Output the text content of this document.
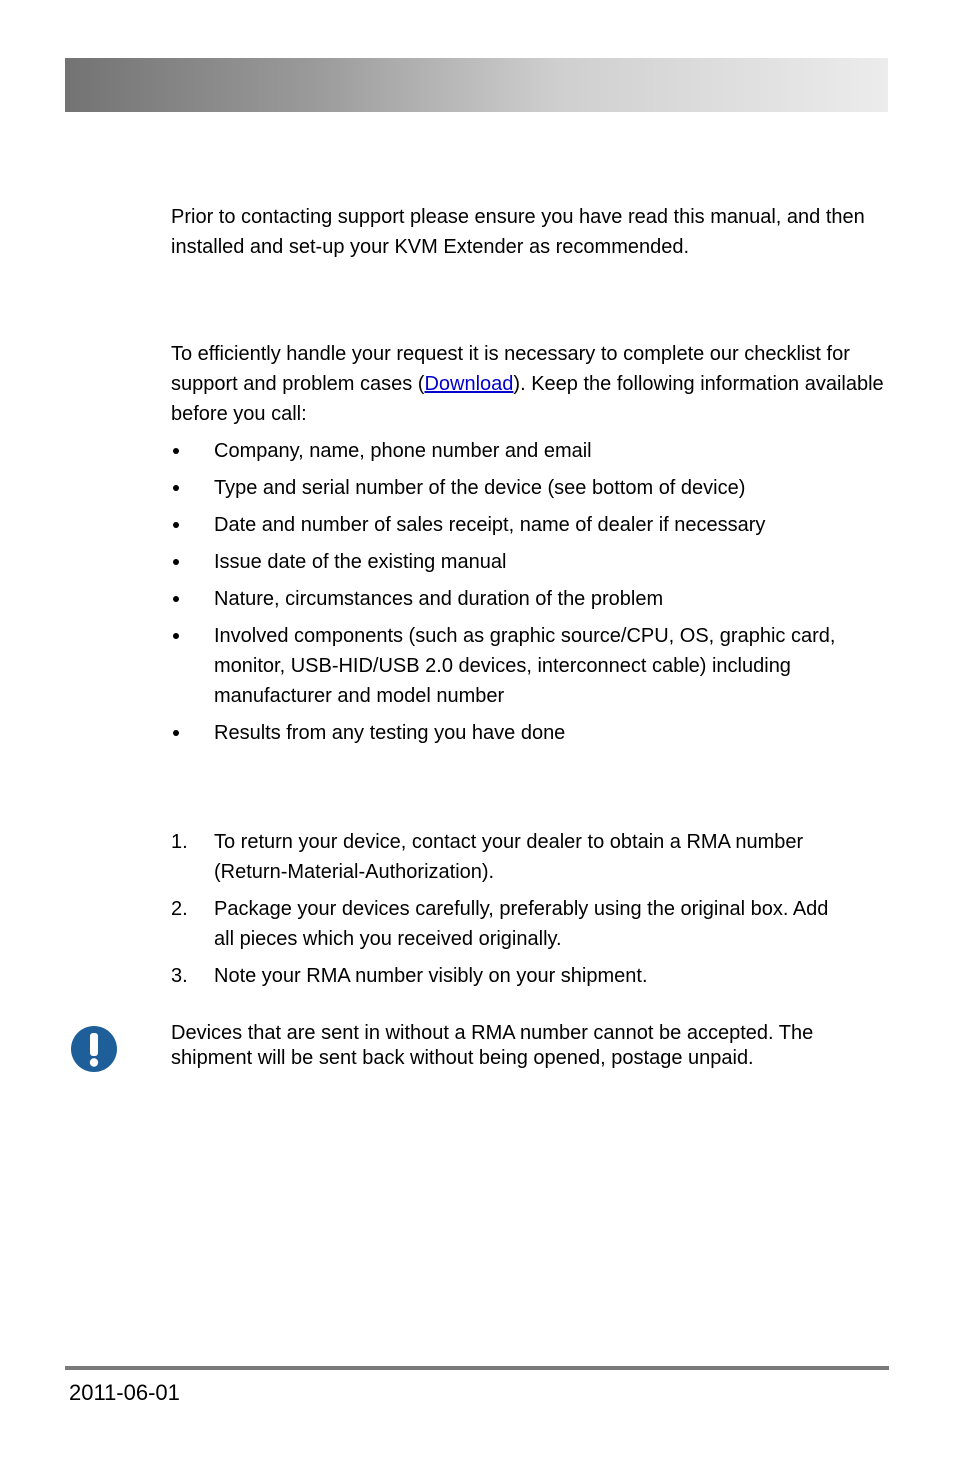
Prior to contacting support please ensure you have read this manual, and then installed and set-up your KVM Extender as recommended.

To efficiently handle your request it is necessary to complete our checklist for support and problem cases (Download). Keep the following information available before you call:

Company, name, phone number and email
Type and serial number of the device (see bottom of device)
Date and number of sales receipt, name of dealer if necessary
Issue date of the existing manual
Nature, circumstances and duration of the problem
Involved components (such as graphic source/CPU, OS, graphic card, monitor, USB-HID/USB 2.0 devices, interconnect cable) including manufacturer and model number
Results from any testing you have done
1. To return your device, contact your dealer to obtain a RMA number (Return-Material-Authorization).
2. Package your devices carefully, preferably using the original box. Add all pieces which you received originally.
3. Note your RMA number visibly on your shipment.

Devices that are sent in without a RMA number cannot be accepted. The shipment will be sent back without being opened, postage unpaid.

2011-06-01
